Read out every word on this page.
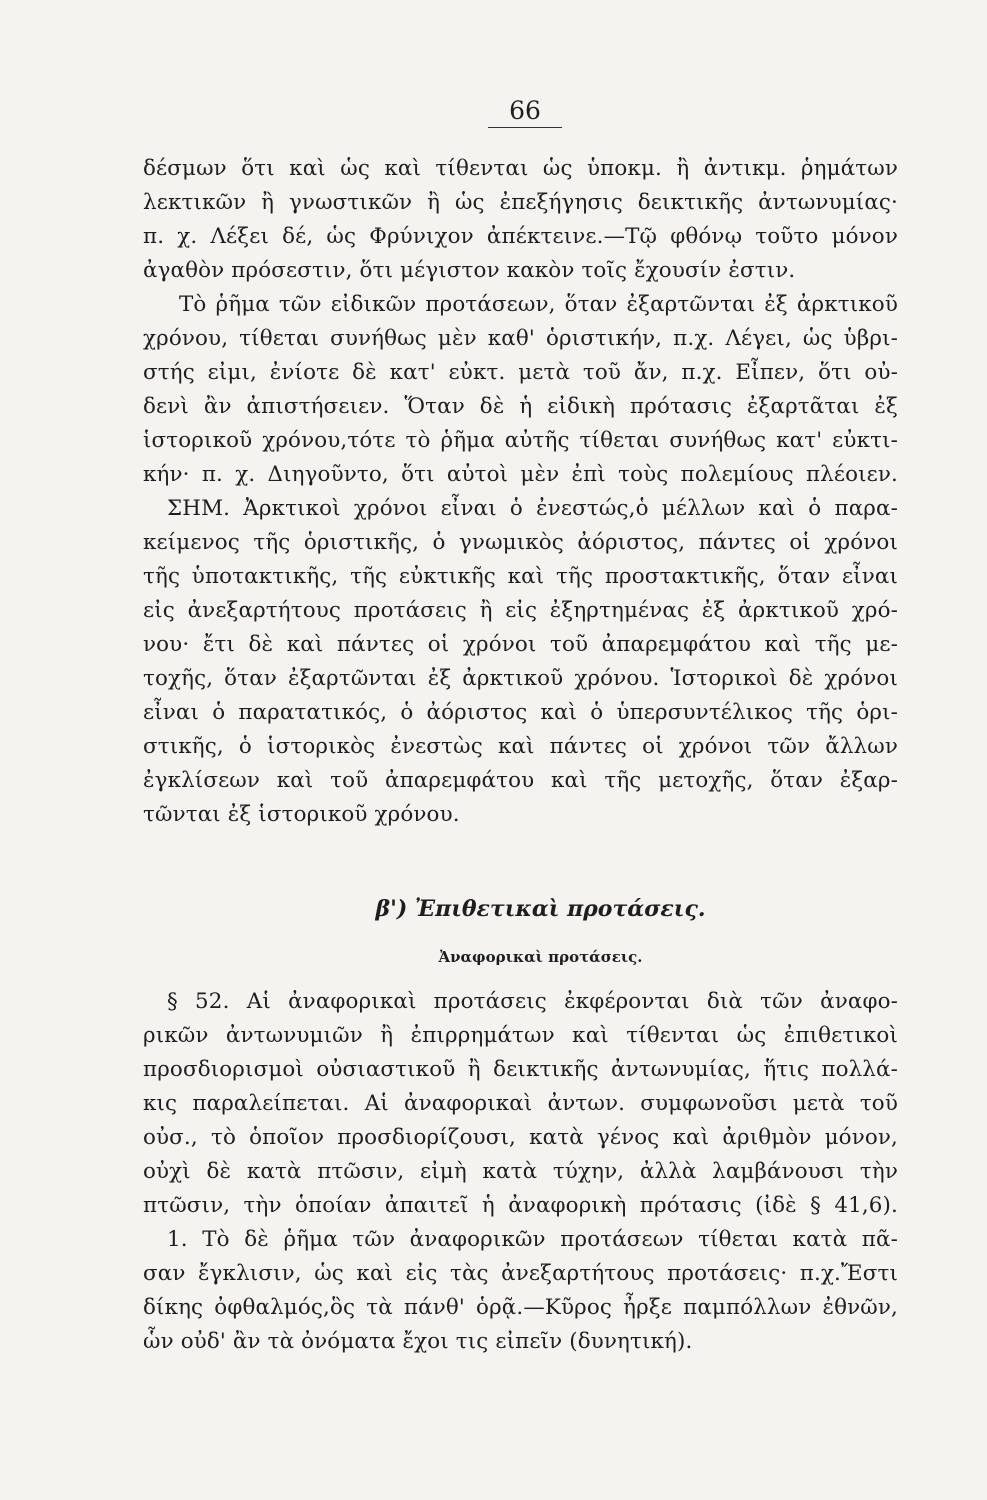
66
δέσμων ὅτι καὶ ὡς καὶ τίθενται ὡς ὑποκμ. ἢ ἀντικμ. ῥημάτων
λεκτικῶν ἢ γνωστικῶν ἢ ὡς ἐπεξήγησις δεικτικῆς ἀντωνυμίας·
π. χ. Λέξει δέ, ὡς Φρύνιχον ἀπέκτεινε.—Τῷ φθόνῳ τοῦτο μόνον
ἀγαθὸν πρόσεστιν, ὅτι μέγιστον κακὸν τοῖς ἔχουσίν ἐστιν.
Τὸ ῥῆμα τῶν εἰδικῶν προτάσεων, ὅταν ἐξαρτῶνται ἐξ ἀρκτικοῦ
χρόνου, τίθεται συνήθως μὲν καθ' ὁριστικήν, π.χ. Λέγει, ὡς ὑβρι-
στής εἰμι, ἐνίοτε δὲ κατ' εὐκτ. μετὰ τοῦ ἄν, π.χ. Εἶπεν, ὅτι οὐ-
δενὶ ἂν ἀπιστήσειεν. Ὅταν δὲ ἡ εἰδικὴ πρότασις ἐξαρτᾶται ἐξ
ἱστορικοῦ χρόνου,τότε τὸ ῥῆμα αὐτῆς τίθεται συνήθως κατ' εὐκτι-
κήν· π. χ. Διηγοῦντο, ὅτι αὐτοὶ μὲν ἐπὶ τοὺς πολεμίους πλέοιεν.
ΣΗΜ. Ἀρκτικοὶ χρόνοι εἶναι ὁ ἐνεστώς,ὁ μέλλων καὶ ὁ παρα-
κείμενος τῆς ὁριστικῆς, ὁ γνωμικὸς ἀόριστος, πάντες οἱ χρόνοι
τῆς ὑποτακτικῆς, τῆς εὐκτικῆς καὶ τῆς προστακτικῆς, ὅταν εἶναι
εἰς ἀνεξαρτήτους προτάσεις ἢ εἰς ἐξηρτημένας ἐξ ἀρκτικοῦ χρό-
νου· ἔτι δὲ καὶ πάντες οἱ χρόνοι τοῦ ἀπαρεμφάτου καὶ τῆς με-
τοχῆς, ὅταν ἐξαρτῶνται ἐξ ἀρκτικοῦ χρόνου. Ἱστορικοὶ δὲ χρόνοι
εἶναι ὁ παρατατικός, ὁ ἀόριστος καὶ ὁ ὑπερσυντέλικος τῆς ὁρι-
στικῆς, ὁ ἱστορικὸς ἐνεστὼς καὶ πάντες οἱ χρόνοι τῶν ἄλλων
ἐγκλίσεων καὶ τοῦ ἀπαρεμφάτου καὶ τῆς μετοχῆς, ὅταν ἐξαρ-
τῶνται ἐξ ἱστορικοῦ χρόνου.
β') Ἐπιθετικαὶ προτάσεις.
Ἀναφορικαὶ προτάσεις.
§ 52. Αἱ ἀναφορικαὶ προτάσεις ἐκφέρονται διὰ τῶν ἀναφο-
ρικῶν ἀντωνυμιῶν ἢ ἐπιρρημάτων καὶ τίθενται ὡς ἐπιθετικοὶ
προσδιορισμοὶ οὐσιαστικοῦ ἢ δεικτικῆς ἀντωνυμίας, ἥτις πολλά-
κις παραλείπεται. Αἱ ἀναφορικαὶ ἀντων. συμφωνοῦσι μετὰ τοῦ
οὐσ., τὸ ὁποῖον προσδιορίζουσι, κατὰ γένος καὶ ἀριθμὸν μόνον,
οὐχὶ δὲ κατὰ πτῶσιν, εἰμὴ κατὰ τύχην, ἀλλὰ λαμβάνουσι τὴν
πτῶσιν, τὴν ὁποίαν ἀπαιτεῖ ἡ ἀναφορικὴ πρότασις (ἰδὲ § 41,6).
1. Τὸ δὲ ῥῆμα τῶν ἀναφορικῶν προτάσεων τίθεται κατὰ πᾶ-
σαν ἔγκλισιν, ὡς καὶ εἰς τὰς ἀνεξαρτήτους προτάσεις· π.χ.Ἔστι
δίκης ὀφθαλμός,ὃς τὰ πάνθ' ὁρᾷ.—Κῦρος ἦρξε παμπόλλων ἐθνῶν,
ὧν οὐδ' ἂν τὰ ὀνόματα ἔχοι τις εἰπεῖν (δυνητική).
